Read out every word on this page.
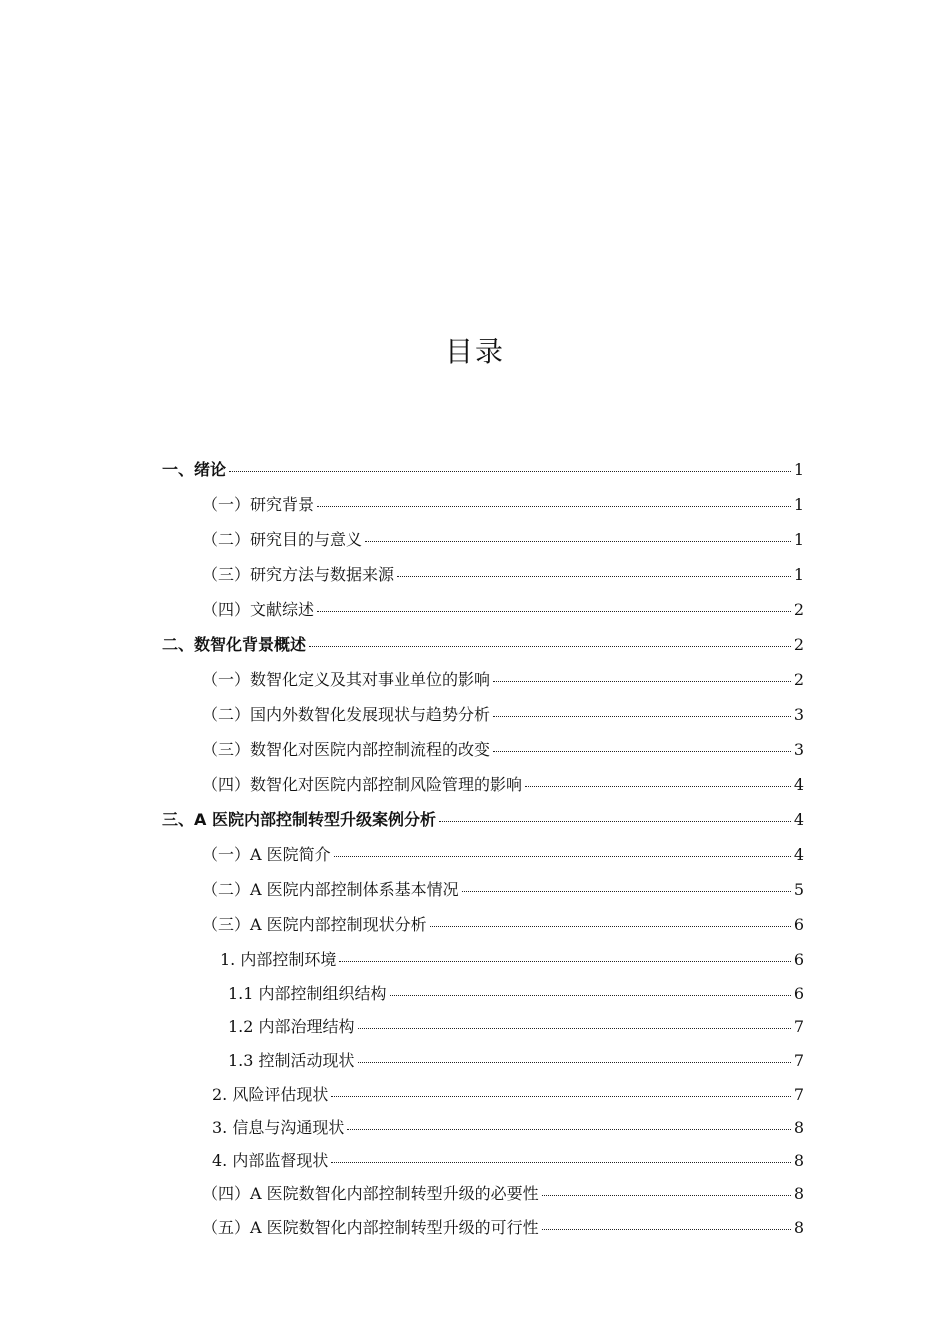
目录
一、绪论	1
（一）研究背景	1
（二）研究目的与意义	1
（三）研究方法与数据来源	1
（四）文献综述	2
二、数智化背景概述	2
（一）数智化定义及其对事业单位的影响	2
（二）国内外数智化发展现状与趋势分析	3
（三）数智化对医院内部控制流程的改变	3
（四）数智化对医院内部控制风险管理的影响	4
三、A 医院内部控制转型升级案例分析	4
（一）A 医院简介	4
（二）A 医院内部控制体系基本情况	5
（三）A 医院内部控制现状分析	6
1. 内部控制环境	6
1.1 内部控制组织结构	6
1.2 内部治理结构	7
1.3 控制活动现状	7
2. 风险评估现状	7
3. 信息与沟通现状	8
4. 内部监督现状	8
（四）A 医院数智化内部控制转型升级的必要性	8
（五）A 医院数智化内部控制转型升级的可行性	8
